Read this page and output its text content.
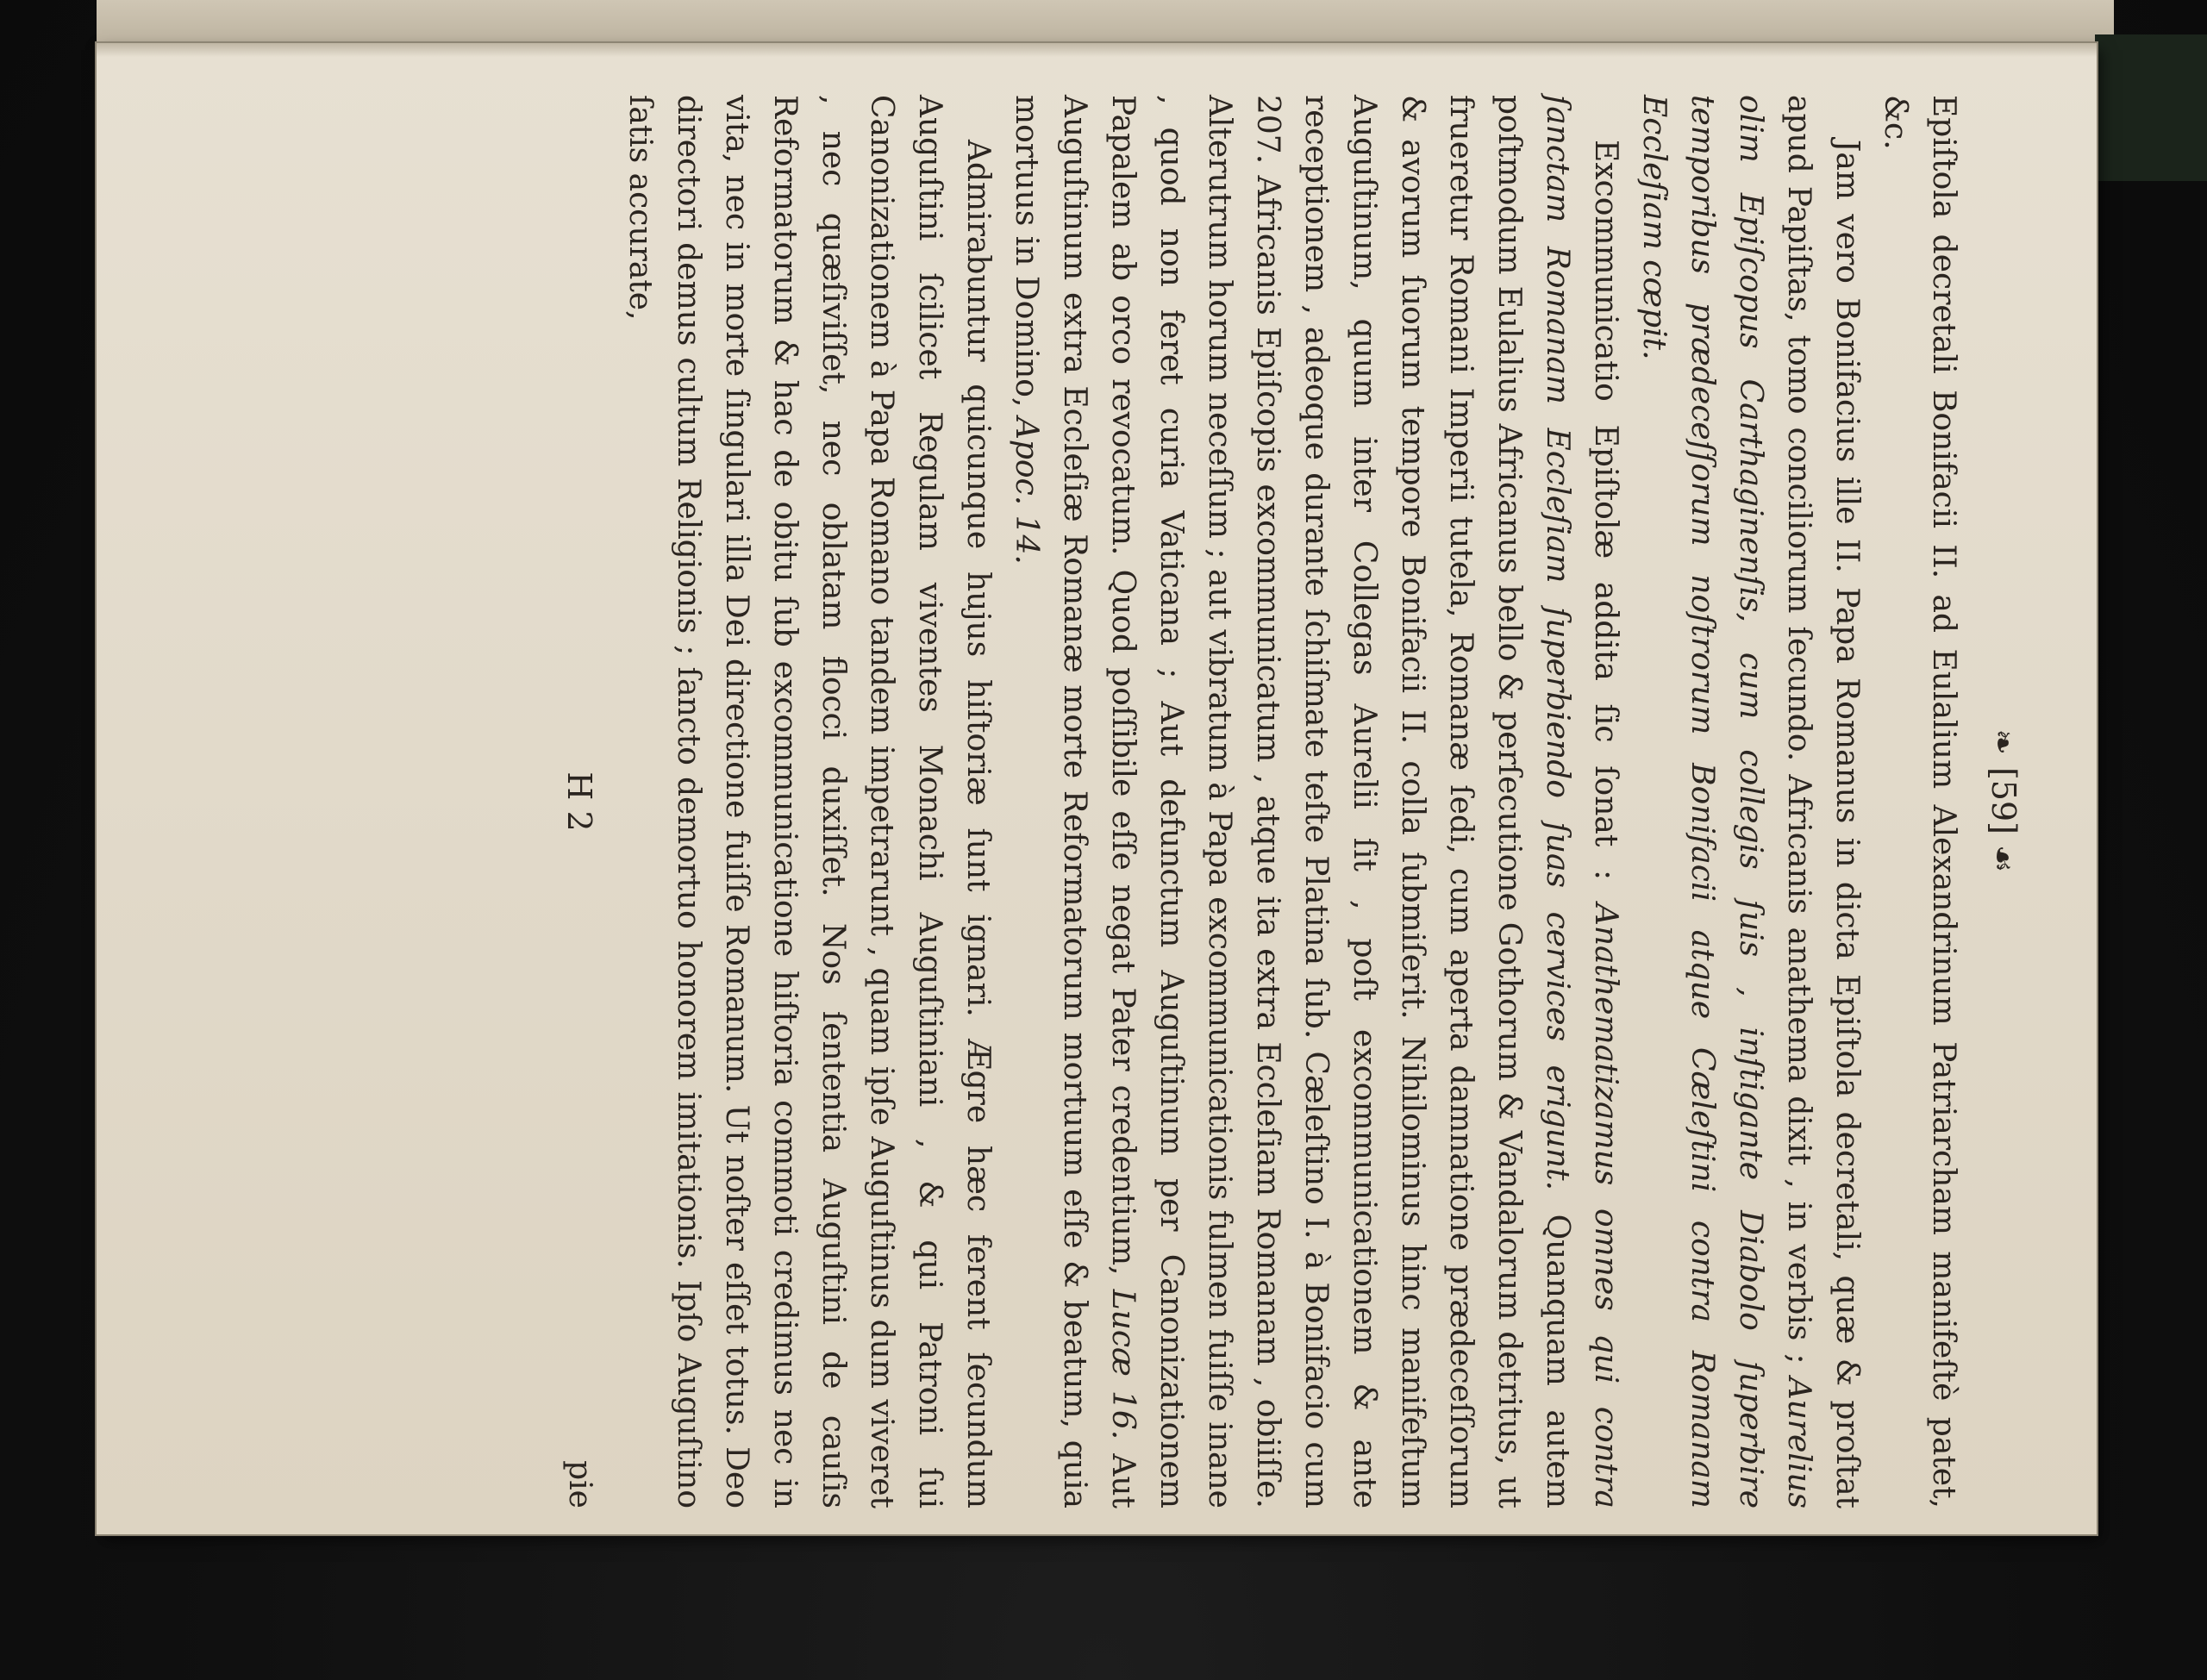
❧ [59] ☙

Epiſtola decretali Bonifacii II. ad Eulalium Alexandrinum Patriarcham manifeſtè patet, &c.

Jam vero Bonifacius ille II. Papa Romanus in dicta Epiſtola decretali, quæ & proſtat apud Papiſtas, tomo conciliorum ſecundo. Africanis anathema dixit , in verbis ; Aurelius olim Epiſcopus Carthaginenſis, cum collegis ſuis , inſtigante Diabolo ſuperbire temporibus prædeceſſorum noſtrorum Bonifacii atque Cæleſtini contra Romanam Eccleſiam cœpit.

Excommunicatio Epiſtolæ addita ſic ſonat : Anathematizamus omnes qui contra ſanctam Romanam Eccleſiam ſuperbiendo ſuas cervices erigunt. Quanquam autem poſtmodum Eulalius Africanus bello & perſecutione Gothorum & Vandalorum detritus, ut frueretur Romani Imperii tutela, Romanæ ſedi, cum aperta damnatione prædeceſſorum & avorum ſuorum tempore Bonifacii II. colla ſubmiſerit. Nihilominus hinc manifeſtum Auguſtinum, quum inter Collegas Aurelii ſit , poſt excommunicationem & ante receptionem , adeoque durante ſchiſmate teſte Platina ſub. Cæleſtino I. à Bonifacio cum 207. Africanis Epiſcopis excommunicatum , atque ita extra Eccleſiam Romanam , obiiſſe. Alterutrum horum neceſſum ; aut vibratum à Papa excommunicationis fulmen fuiſſe inane , quod non feret curia Vaticana ; Aut defunctum Auguſtinum per Canonizationem Papalem ab orco revocatum. Quod poſſibile eſſe negat Pater credentium, Lucæ 16. Aut Auguſtinum extra Eccleſiæ Romanæ morte Reformatorum mortuum eſſe & beatum, quia mortuus in Domino, Apoc. 14.

Admirabuntur quicunque hujus hiſtoriæ ſunt ignari. Ægre hæc ferent ſecundum Auguſtini ſcilicet Regulam viventes Monachi Auguſtiniani , & qui Patroni ſui Canonizationem à Papa Romano tandem impetrarunt , quam ipſe Auguſtinus dum viveret , nec quæſiviſſet, nec oblatam flocci duxiſſet. Nos ſententia Auguſtini de cauſis Reformatorum & hac de obitu ſub excommunicatione hiſtoria commoti credimus nec in vita, nec in morte ſingulari illa Dei directione fuiſſe Romanum. Ut noſter eſſet totus. Deo directori demus cultum Religionis ; ſancto demortuo honorem imitationis. Ipſo Auguſtino ſatis accurate,

H 2
pie
